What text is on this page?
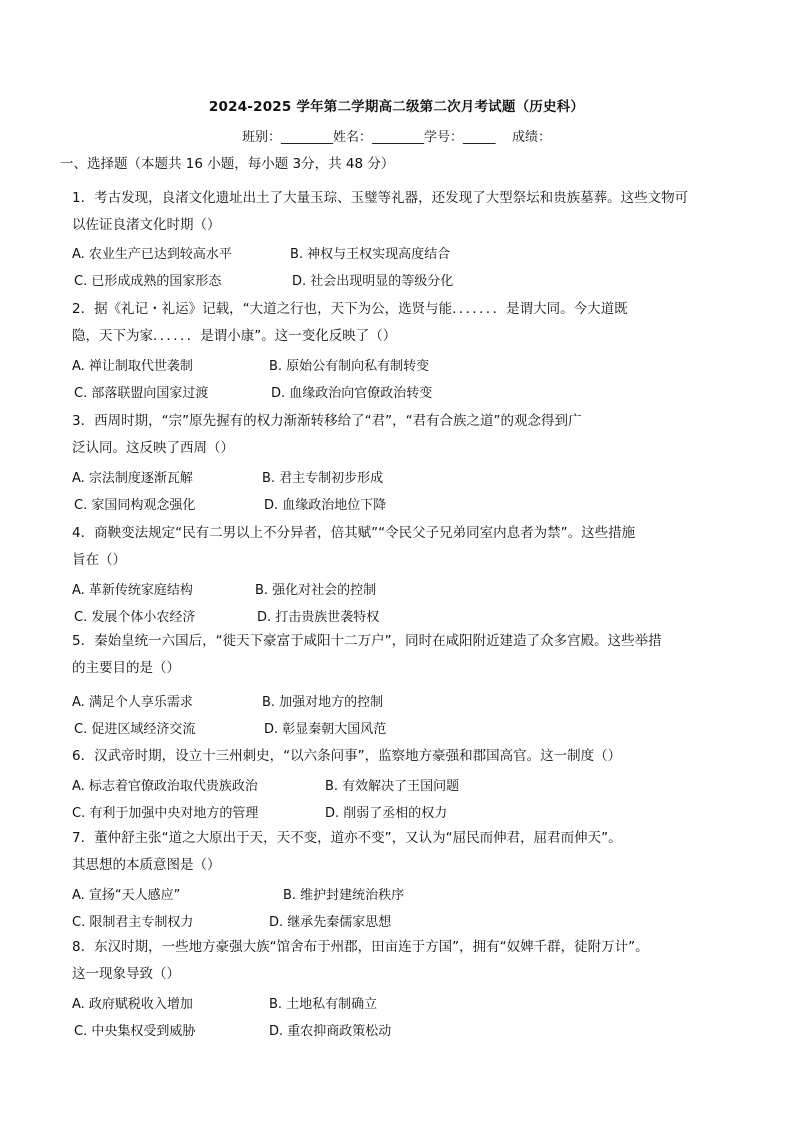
2024-2025 学年第二学期高二级第二次月考试题（历史科）
班别：________姓名：________学号：_____    成绩：
一、选择题（本题共 16 小题，每小题 3分，共 48 分）
1．考古发现，良渚文化遗址出土了大量玉琮、玉璧等礼器，还发现了大型祭坛和贵族墓葬。这些文物可
以佐证良渚文化时期（）
A. 农业生产已达到较高水平	B. 神权与王权实现高度结合
C. 已形成成熟的国家形态	D. 社会出现明显的等级分化
2．据《礼记・礼运》记载，“大道之行也，天下为公，选贤与能．．．．．．．是谓大同。今大道既
隐，天下为家．．．．．．是谓小康”。这一变化反映了（）
A. 禅让制取代世袭制	B. 原始公有制向私有制转变
C. 部落联盟向国家过渡	D. 血缘政治向官僚政治转变
3．西周时期，“宗”原先握有的权力渐渐转移给了“君”，“君有合族之道”的观念得到广
泛认同。这反映了西周（）
A. 宗法制度逐渐瓦解	B. 君主专制初步形成
C. 家国同构观念强化	D. 血缘政治地位下降
4．商鞅变法规定“民有二男以上不分异者，倍其赋”“令民父子兄弟同室内息者为禁”。这些措施
旨在（）
A. 革新传统家庭结构	B. 强化对社会的控制
C. 发展个体小农经济	D. 打击贵族世袭特权
5．秦始皇统一六国后，“徙天下豪富于咸阳十二万户”，同时在咸阳附近建造了众多宫殿。这些举措
的主要目的是（）
A. 满足个人享乐需求	B. 加强对地方的控制
C. 促进区域经济交流	D. 彰显秦朝大国风范
6．汉武帝时期，设立十三州刺史，“以六条问事”，监察地方豪强和郡国高官。这一制度（）
A. 标志着官僚政治取代贵族政治	B. 有效解决了王国问题
C. 有利于加强中央对地方的管理	D. 削弱了丞相的权力
7．董仲舒主张“道之大原出于天，天不变，道亦不变”，又认为“屈民而伸君，屈君而伸天”。
其思想的本质意图是（）
A. 宣扬“天人感应”	B. 维护封建统治秩序
C. 限制君主专制权力	D. 继承先秦儒家思想
8．东汉时期，一些地方豪强大族“馆舍布于州郡，田亩连于方国”，拥有“奴婢千群，徒附万计”。
这一现象导致（）
A. 政府赋税收入增加	B. 土地私有制确立
C. 中央集权受到威胁	D. 重农抑商政策松动
